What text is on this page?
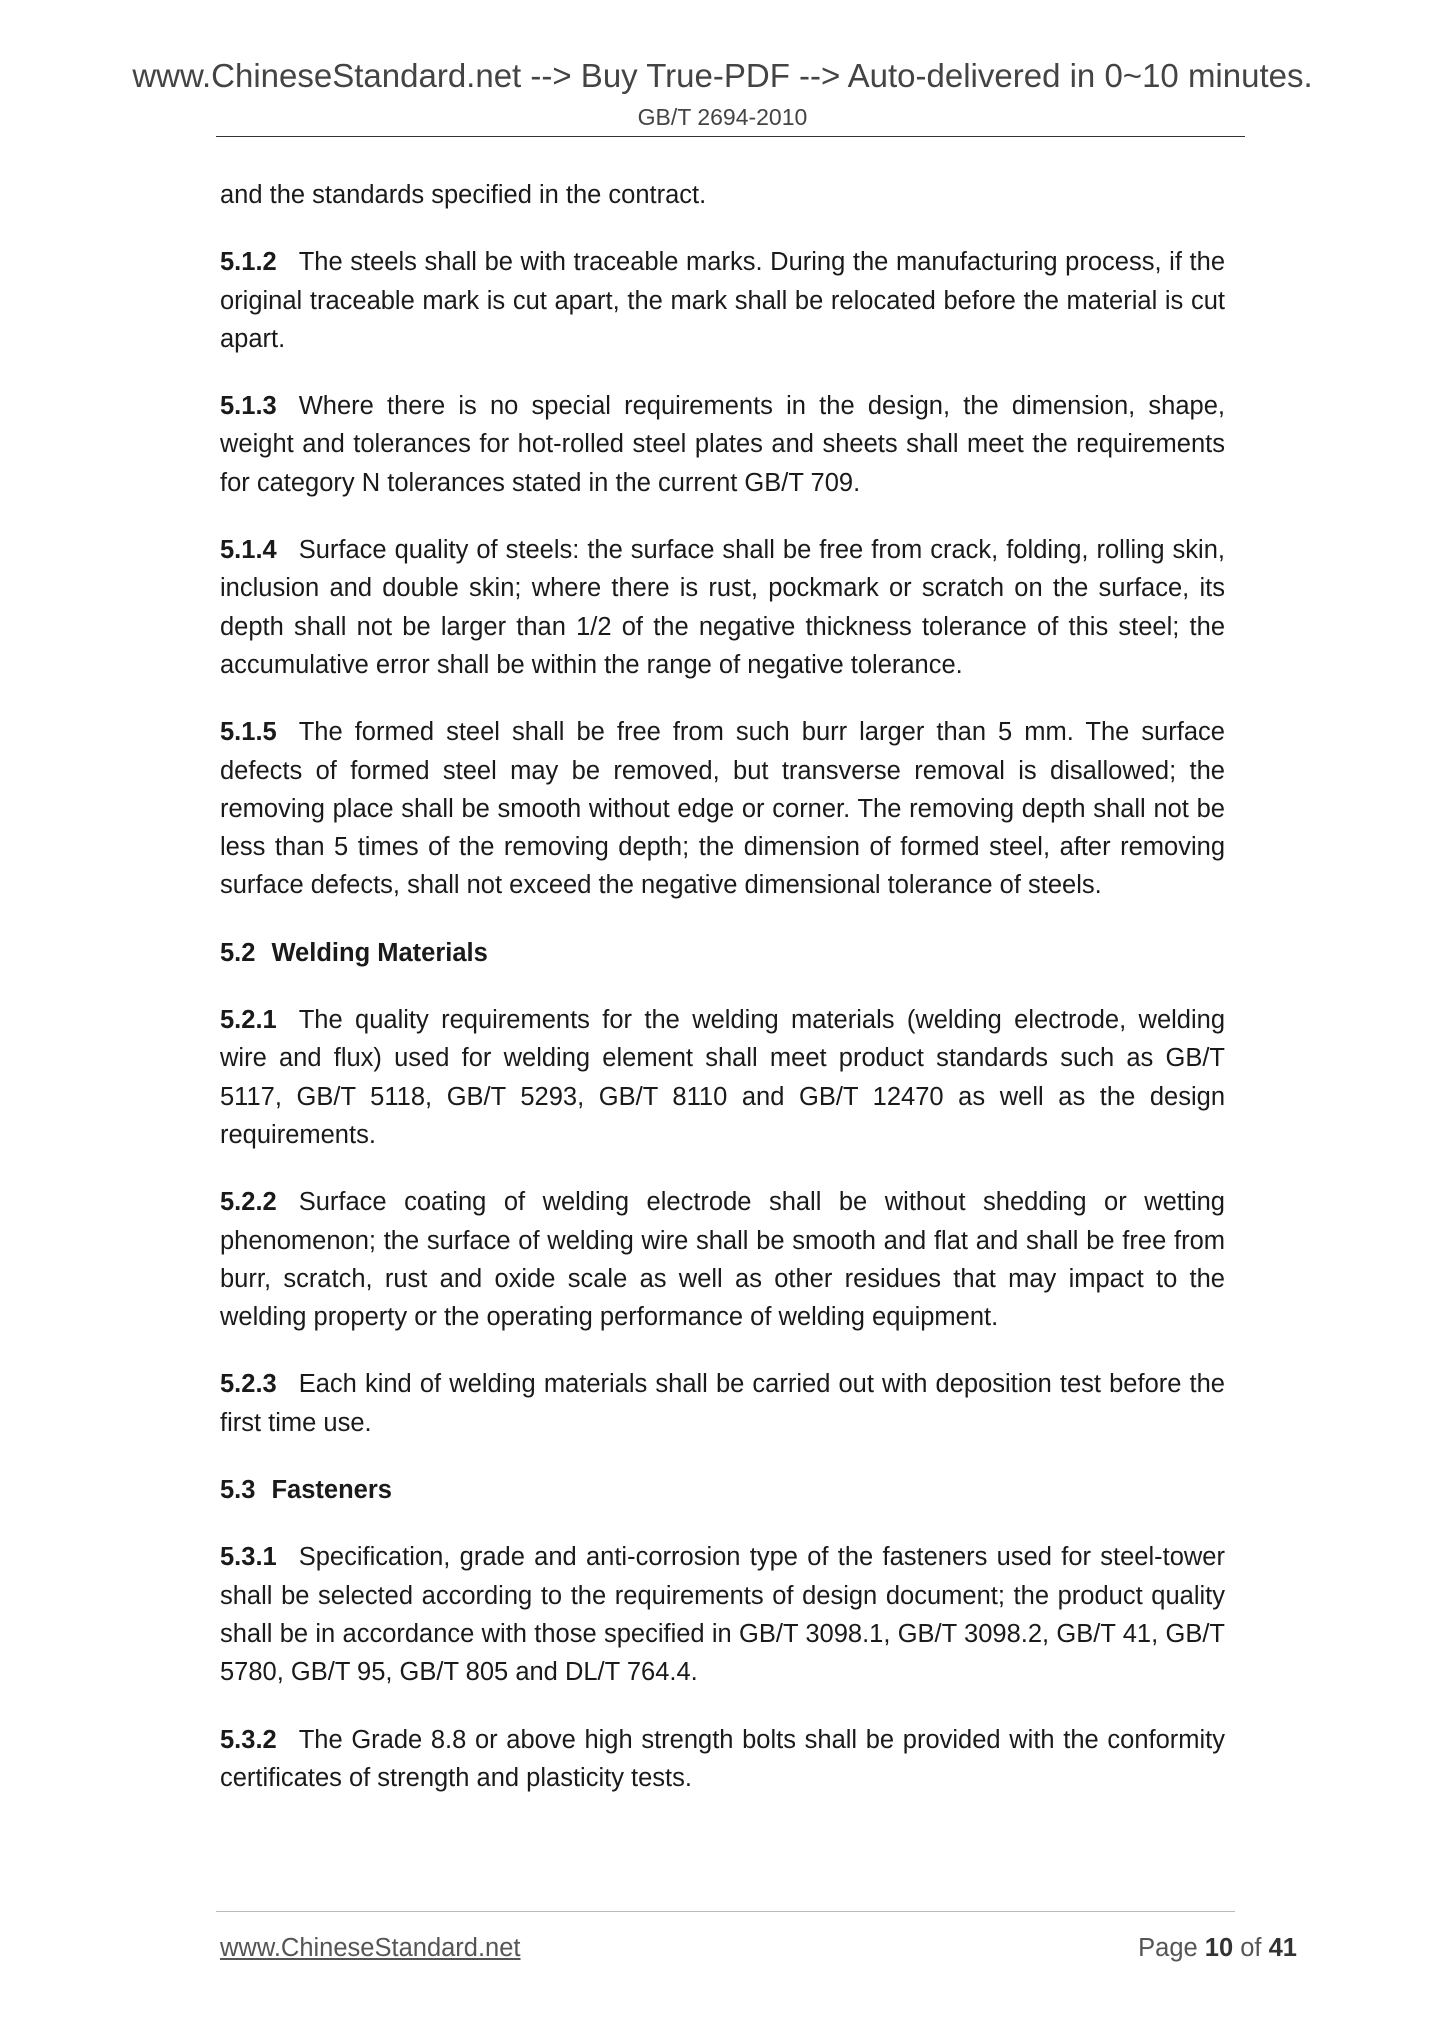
www.ChineseStandard.net --> Buy True-PDF --> Auto-delivered in 0~10 minutes.
GB/T 2694-2010

and the standards specified in the contract.

5.1.2 The steels shall be with traceable marks. During the manufacturing process, if the original traceable mark is cut apart, the mark shall be relocated before the material is cut apart.

5.1.3 Where there is no special requirements in the design, the dimension, shape, weight and tolerances for hot-rolled steel plates and sheets shall meet the requirements for category N tolerances stated in the current GB/T 709.

5.1.4 Surface quality of steels: the surface shall be free from crack, folding, rolling skin, inclusion and double skin; where there is rust, pockmark or scratch on the surface, its depth shall not be larger than 1/2 of the negative thickness tolerance of this steel; the accumulative error shall be within the range of negative tolerance.

5.1.5 The formed steel shall be free from such burr larger than 5 mm. The surface defects of formed steel may be removed, but transverse removal is disallowed; the removing place shall be smooth without edge or corner. The removing depth shall not be less than 5 times of the removing depth; the dimension of formed steel, after removing surface defects, shall not exceed the negative dimensional tolerance of steels.

5.2 Welding Materials

5.2.1 The quality requirements for the welding materials (welding electrode, welding wire and flux) used for welding element shall meet product standards such as GB/T 5117, GB/T 5118, GB/T 5293, GB/T 8110 and GB/T 12470 as well as the design requirements.

5.2.2 Surface coating of welding electrode shall be without shedding or wetting phenomenon; the surface of welding wire shall be smooth and flat and shall be free from burr, scratch, rust and oxide scale as well as other residues that may impact to the welding property or the operating performance of welding equipment.

5.2.3 Each kind of welding materials shall be carried out with deposition test before the first time use.

5.3 Fasteners

5.3.1 Specification, grade and anti-corrosion type of the fasteners used for steel-tower shall be selected according to the requirements of design document; the product quality shall be in accordance with those specified in GB/T 3098.1, GB/T 3098.2, GB/T 41, GB/T 5780, GB/T 95, GB/T 805 and DL/T 764.4.

5.3.2 The Grade 8.8 or above high strength bolts shall be provided with the conformity certificates of strength and plasticity tests.

www.ChineseStandard.net	Page 10 of 41
